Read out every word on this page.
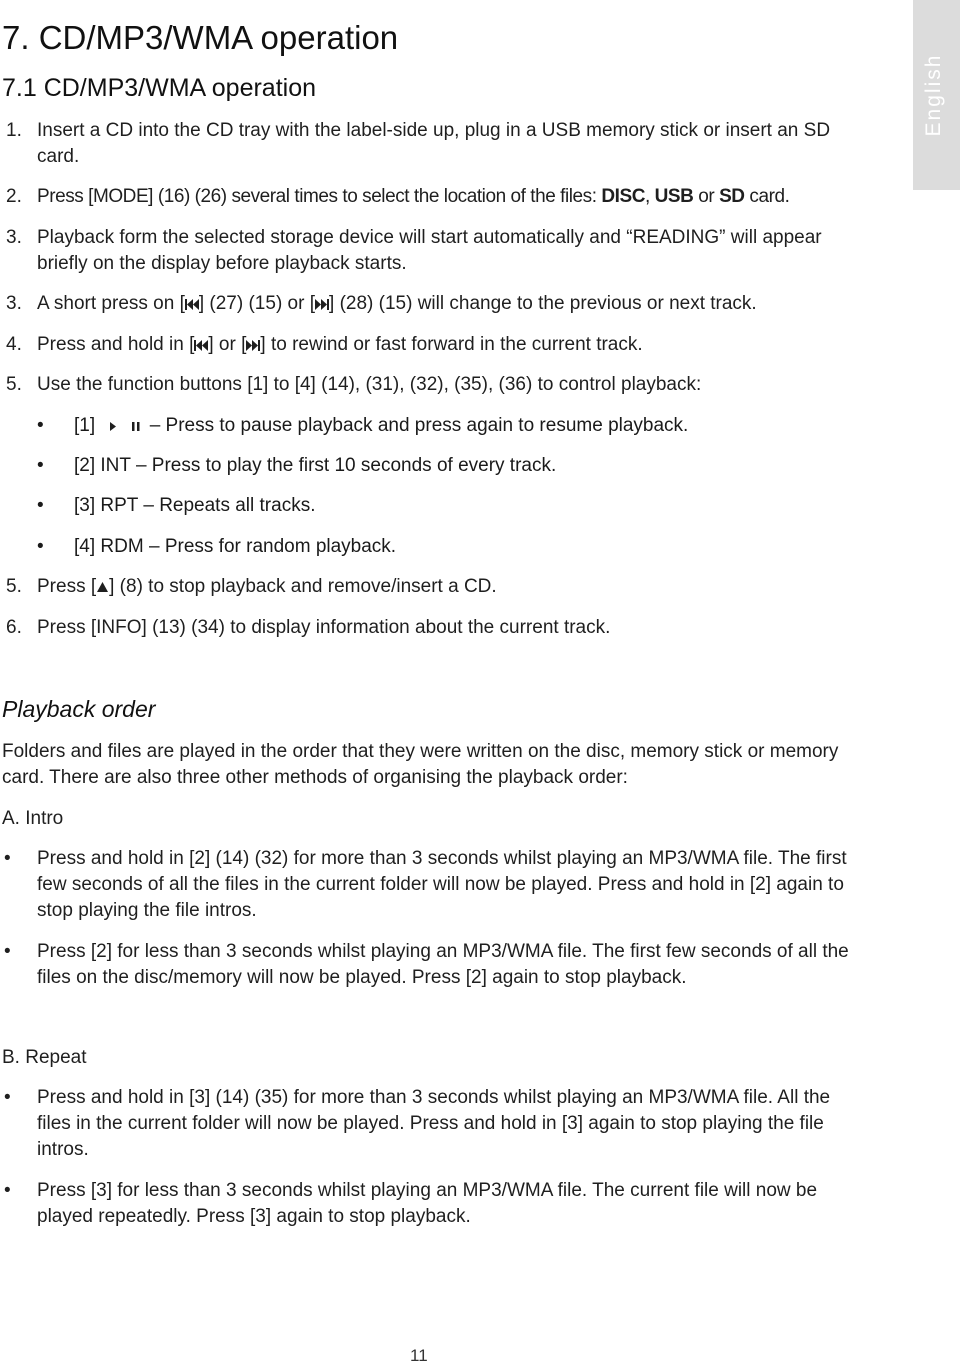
English
7. CD/MP3/WMA operation
7.1 CD/MP3/WMA operation
1. Insert a CD into the CD tray with the label-side up, plug in a USB memory stick or insert an SD card.
2. Press [MODE] (16) (26) several times to select the location of the files: DISC, USB or SD card.
3. Playback form the selected storage device will start automatically and “READING” will appear briefly on the display before playback starts.
3. A short press on [ ] (27) (15) or [ ] (28) (15) will change to the previous or next track.
4. Press and hold in [ ] or [ ] to rewind or fast forward in the current track.
5. Use the function buttons [1] to [4] (14), (31), (32), (35), (36) to control playback:
• [1]	– Press to pause playback and press again to resume playback.
• [2] INT – Press to play the first 10 seconds of every track.
• [3] RPT – Repeats all tracks.
• [4] RDM – Press for random playback.
5. Press [ ] (8) to stop playback and remove/insert a CD.
6. Press [INFO] (13) (34) to display information about the current track.
Playback order
Folders and files are played in the order that they were written on the disc, memory stick or memory card. There are also three other methods of organising the playback order:
A. Intro
• Press and hold in [2] (14) (32) for more than 3 seconds whilst playing an MP3/WMA file. The first few seconds of all the files in the current folder will now be played. Press and hold in [2] again to stop playing the file intros.
• Press [2] for less than 3 seconds whilst playing an MP3/WMA file. The first few seconds of all the files on the disc/memory will now be played. Press [2] again to stop playback.
B. Repeat
• Press and hold in [3] (14) (35) for more than 3 seconds whilst playing an MP3/WMA file. All the files in the current folder will now be played. Press and hold in [3] again to stop playing the file intros.
• Press [3] for less than 3 seconds whilst playing an MP3/WMA file. The current file will now be played repeatedly. Press [3] again to stop playback.
11
